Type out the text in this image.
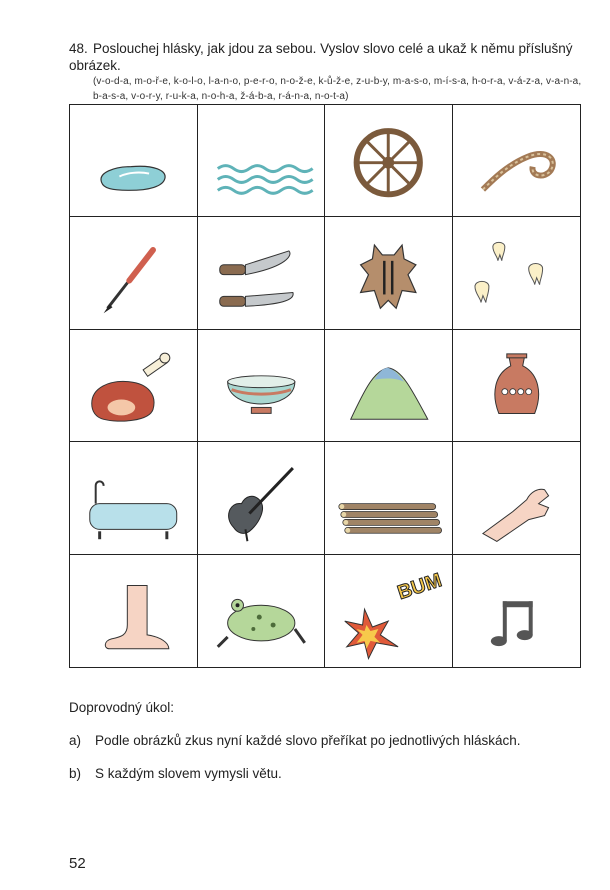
48. Poslouchej hlásky, jak jdou za sebou. Vyslov slovo celé a ukaž k němu příslušný obrázek.
(v-o-d-a, m-o-ř-e, k-o-l-o, l-a-n-o, p-e-r-o, n-o-ž-e, k-ů-ž-e, z-u-b-y, m-a-s-o, m-í-s-a, h-o-r-a, v-á-z-a, v-a-n-a,
b-a-s-a, v-o-r-y, r-u-k-a, n-o-h-a, ž-á-b-a, r-á-n-a, n-o-t-a)
BUM
Doprovodný úkol:
a) Podle obrázků zkus nyní každé slovo přeříkat po jednotlivých hláskách.
b) S každým slovem vymysli větu.
52
